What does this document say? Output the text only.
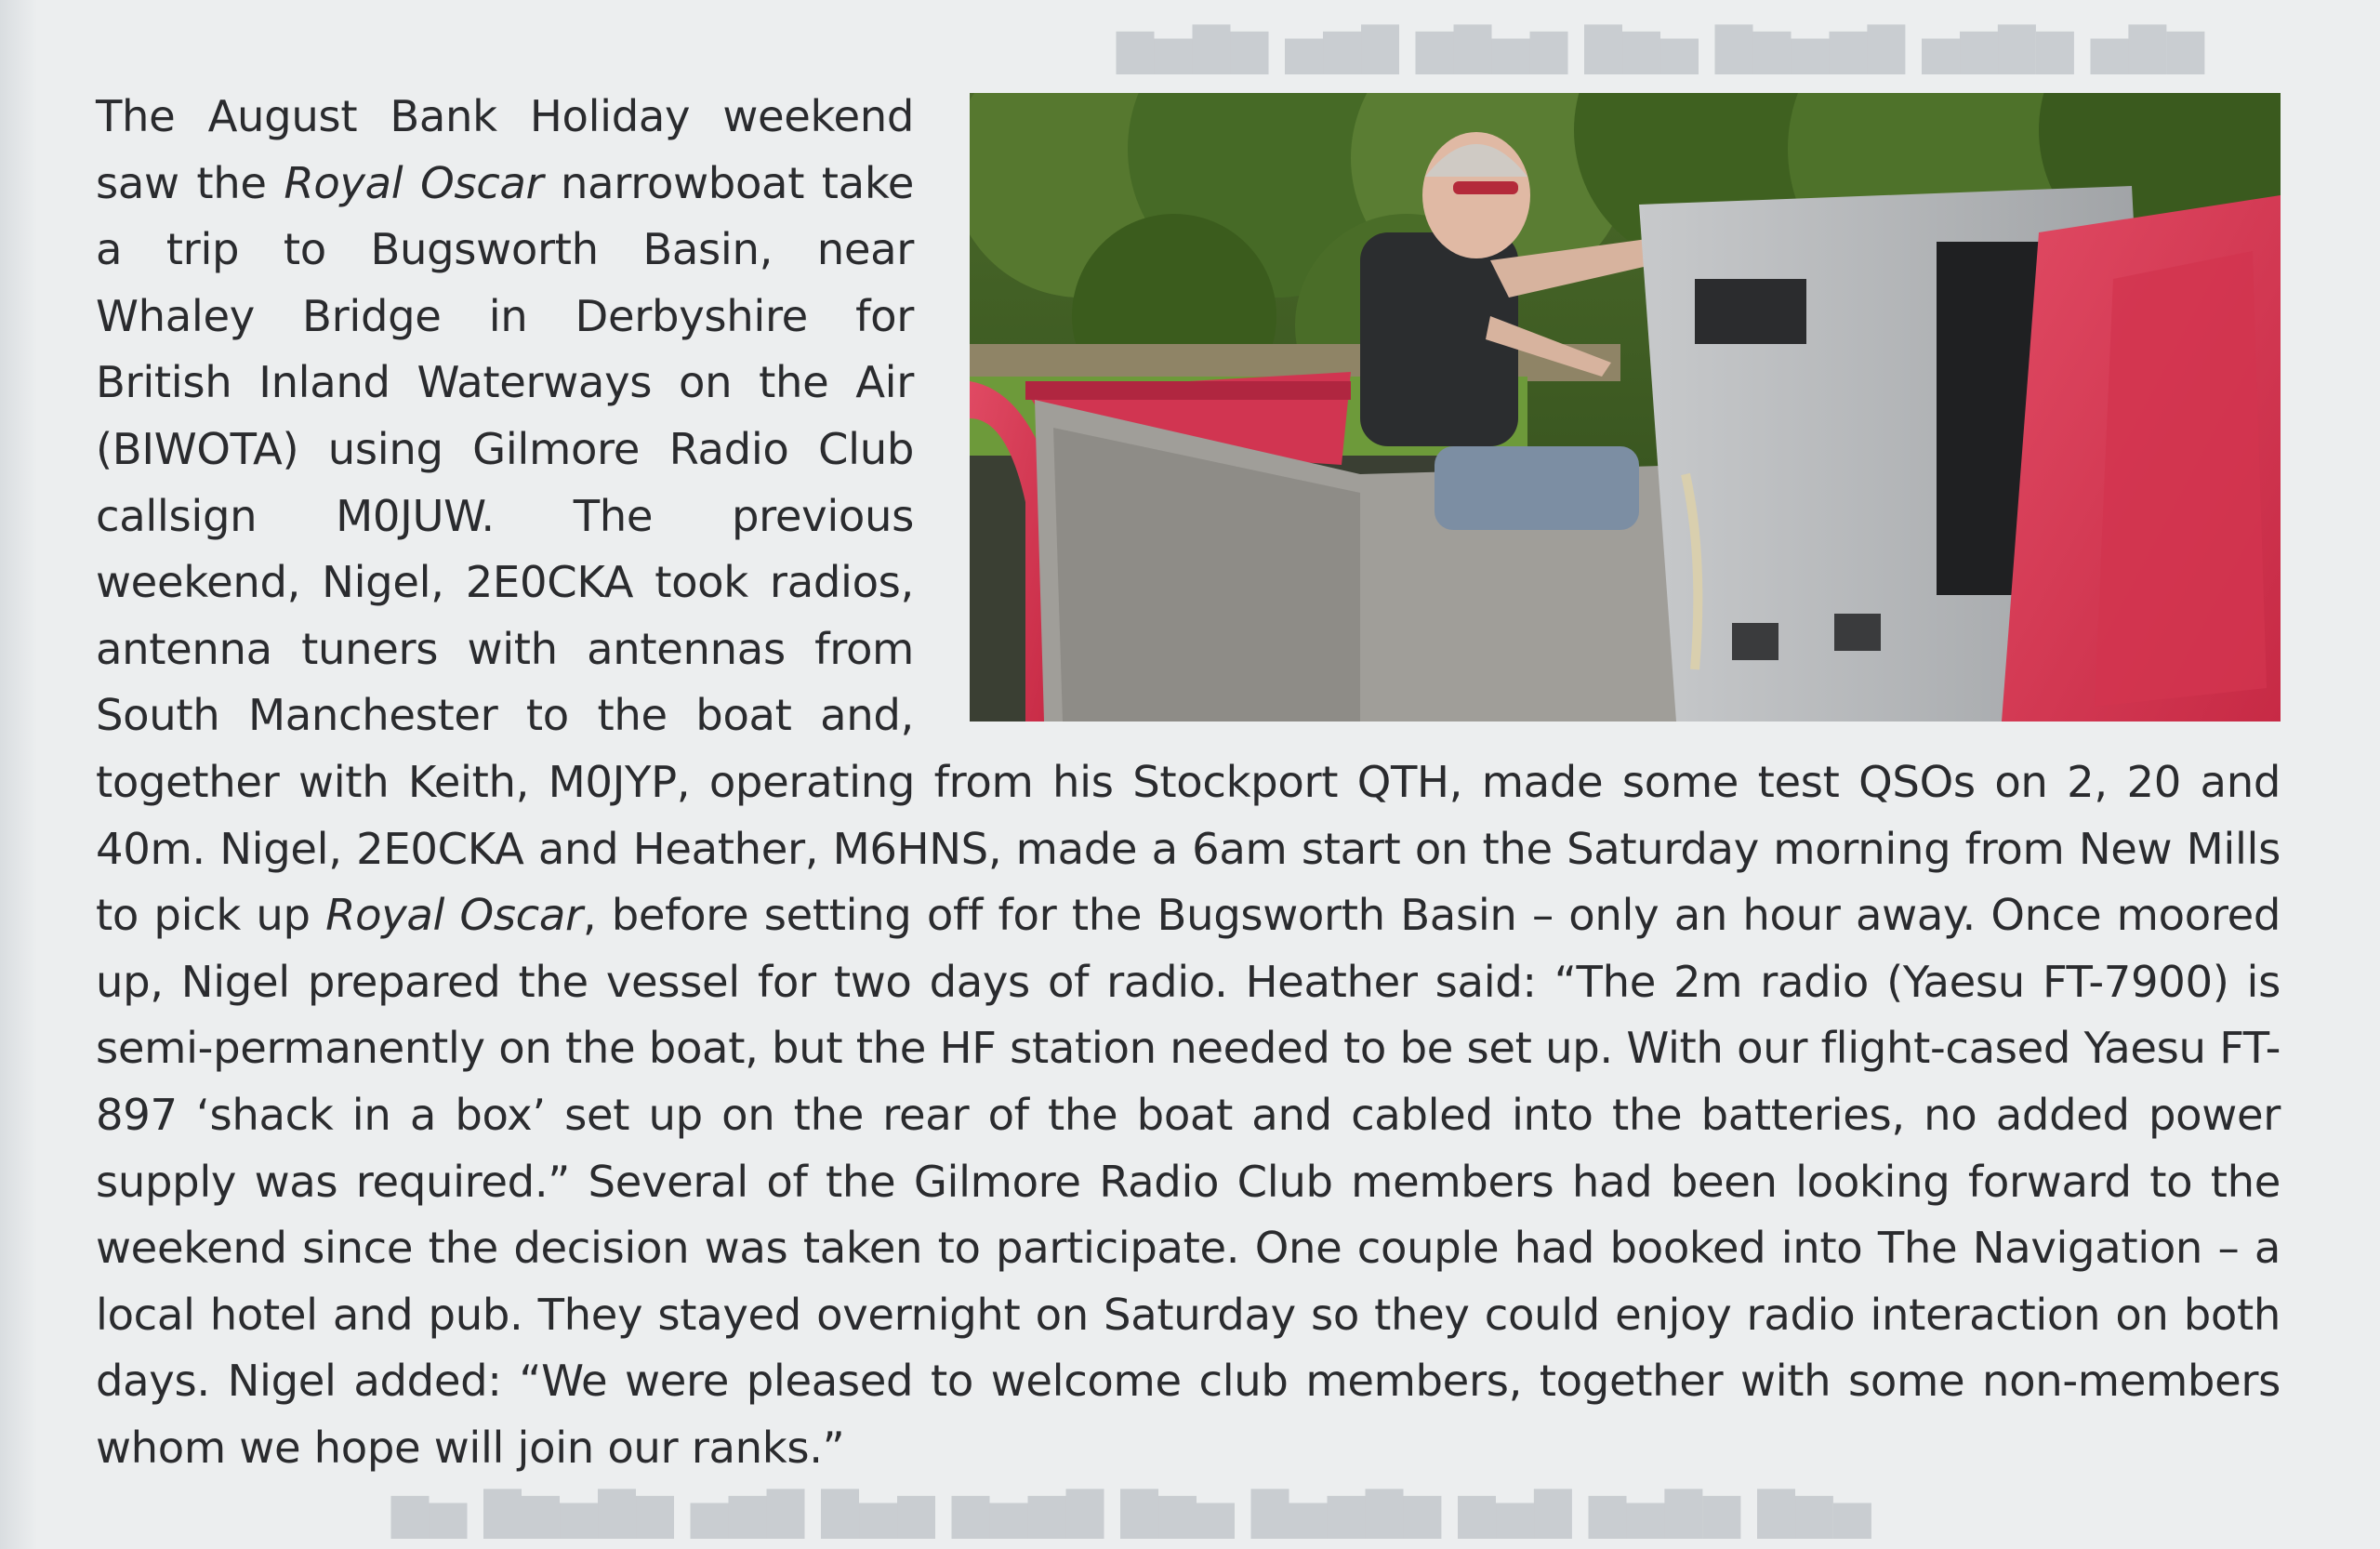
▆▇▅ ▆▇▆▅ ▇▆▅▆▇ ▅▆▇ ▆▅▇▆ ▇▆▅ ▆▇▅▆
▅▆▇ ▆▇▅▆ ▇▅▆ ▆▇▆▅▇ ▅▆▇ ▇▆▅▆ ▆▅▇ ▇▆▅ ▆▇▅▆▇ ▅▆

The August Bank Holiday weekend saw the Royal Oscar narrowboat take a trip to Bugsworth Basin, near Whaley Bridge in Derbyshire for British Inland Waterways on the Air (BIWOTA) using Gilmore Radio Club callsign M0JUW. The previous weekend, Nigel, 2E0CKA took radios, antenna tuners with antennas from South Manchester to the boat and, together with Keith, M0JYP, operating from his Stockport QTH, made some test QSOs on 2, 20 and 40m. Nigel, 2E0CKA and Heather, M6HNS, made a 6am start on the Saturday morning from New Mills to pick up Royal Oscar, before setting off for the Bugsworth Basin – only an hour away. Once moored up, Nigel prepared the vessel for two days of radio. Heather said: “The 2m radio (Yaesu FT-7900) is semi-permanently on the boat, but the HF station needed to be set up. With our flight-cased Yaesu FT-897 ‘shack in a box’ set up on the rear of the boat and cabled into the batteries, no added power supply was required.” Several of the Gilmore Radio Club members had been looking forward to the weekend since the decision was taken to participate. One couple had booked into The Navigation – a local hotel and pub. They stayed overnight on Saturday so they could enjoy radio interaction on both days. Nigel added: “We were pleased to welcome club members, together with some non-members whom we hope will join our ranks.”
